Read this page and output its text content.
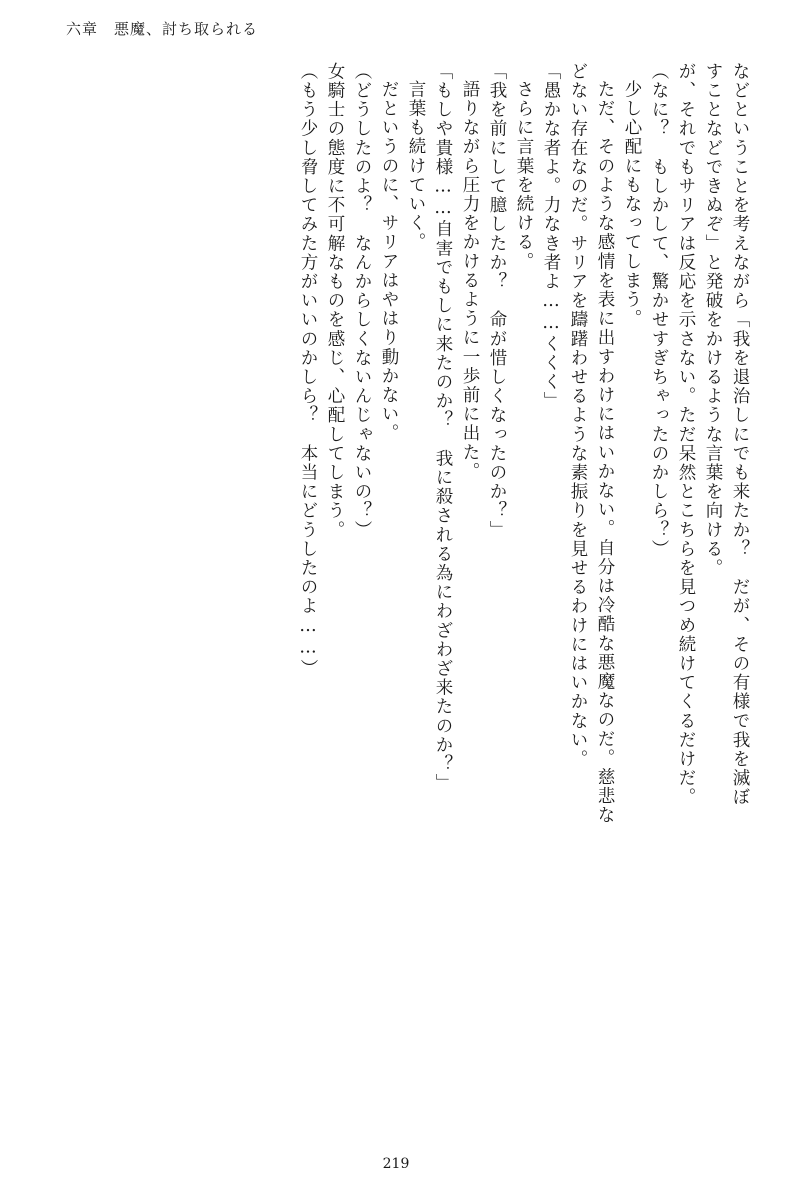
六章　悪魔、討ち取られる
などということを考えながら「我を退治しにでも来たか？　だが、その有様で我を滅ぼ
すことなどできぬぞ」と発破をかけるような言葉を向ける。
が、それでもサリアは反応を示さない。ただ呆然とこちらを見つめ続けてくるだけだ。
（なに？　もしかして、驚かせすぎちゃったのかしら？）
少し心配にもなってしまう。
ただ、そのような感情を表に出すわけにはいかない。自分は冷酷な悪魔なのだ。慈悲な
どない存在なのだ。サリアを躊躇わせるような素振りを見せるわけにはいかない。
「愚かな者よ。力なき者よ……くくく」
さらに言葉を続ける。
「我を前にして臆したか？　命が惜しくなったのか？」
語りながら圧力をかけるように一歩前に出た。
「もしや貴様……自害でもしに来たのか？　我に殺される為にわざわざ来たのか？」
言葉も続けていく。
だというのに、サリアはやはり動かない。
（どうしたのよ？　なんからしくないんじゃないの？）
女騎士の態度に不可解なものを感じ、心配してしまう。
（もう少し脅してみた方がいいのかしら？　本当にどうしたのよ……）
219
